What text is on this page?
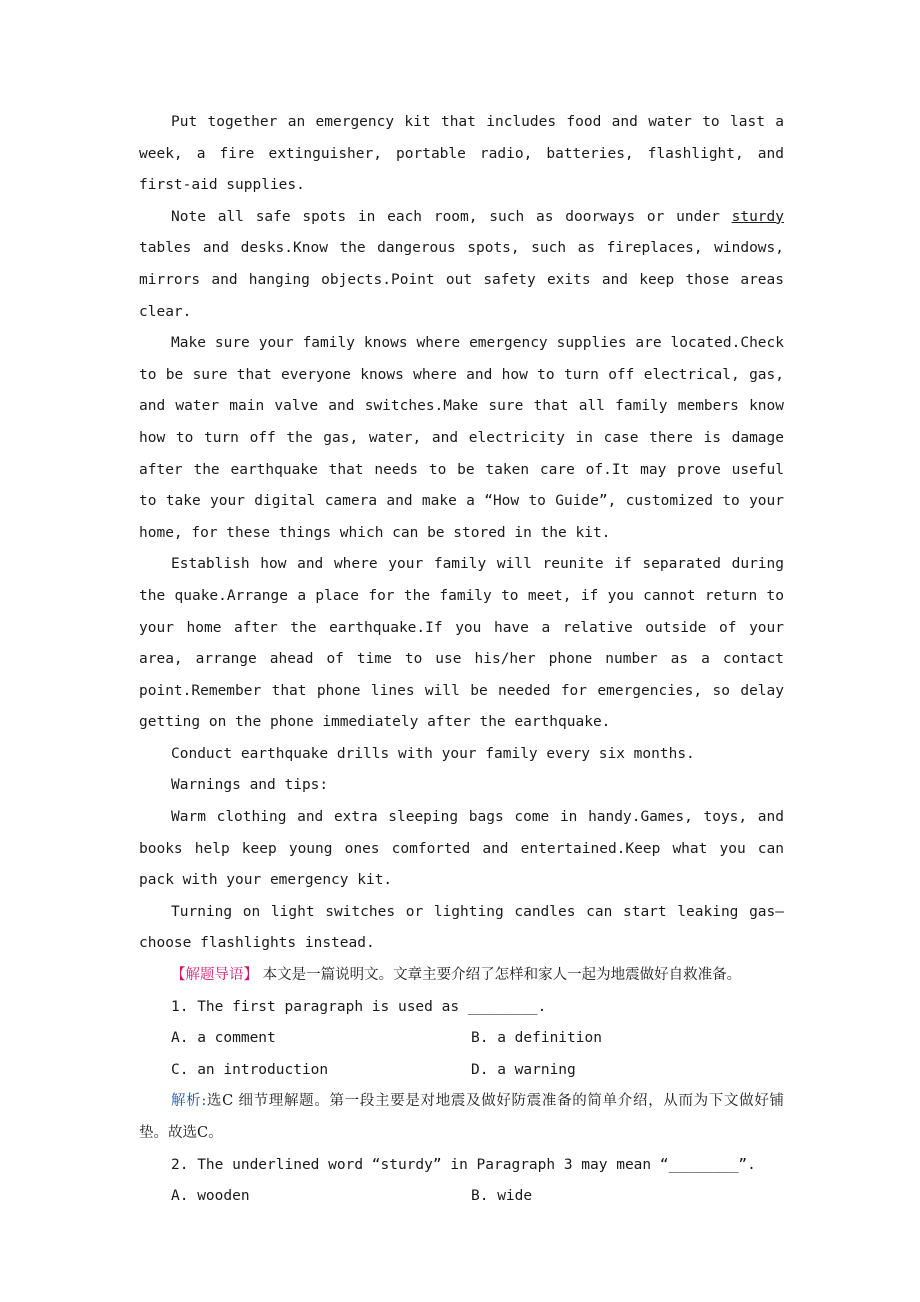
Put together an emergency kit that includes food and water to last a week, a fire extinguisher, portable radio, batteries, flashlight, and first-aid supplies.

Note all safe spots in each room, such as doorways or under sturdy tables and desks.Know the dangerous spots, such as fireplaces, windows, mirrors and hanging objects.Point out safety exits and keep those areas clear.

Make sure your family knows where emergency supplies are located.Check to be sure that everyone knows where and how to turn off electrical, gas, and water main valve and switches.Make sure that all family members know how to turn off the gas, water, and electricity in case there is damage after the earthquake that needs to be taken care of.It may prove useful to take your digital camera and make a “How to Guide”, customized to your home, for these things which can be stored in the kit.

Establish how and where your family will reunite if separated during the quake.Arrange a place for the family to meet, if you cannot return to your home after the earthquake.If you have a relative outside of your area, arrange ahead of time to use his/her phone number as a contact point.Remember that phone lines will be needed for emergencies, so delay getting on the phone immediately after the earthquake.

Conduct earthquake drills with your family every six months.

Warnings and tips:

Warm clothing and extra sleeping bags come in handy.Games, toys, and books help keep young ones comforted and entertained.Keep what you can pack with your emergency kit.

Turning on light switches or lighting candles can start leaking gas—choose flashlights instead.

【解题导语】 本文是一篇说明文。文章主要介绍了怎样和家人一起为地震做好自救准备。

1. The first paragraph is used as ________.

A. a comment	B. a definition
C. an introduction	D. a warning

解析:选C 细节理解题。第一段主要是对地震及做好防震准备的简单介绍，从而为下文做好铺垫。故选C。

2. The underlined word “sturdy” in Paragraph 3 may mean “________”.

A. wooden	B. wide
